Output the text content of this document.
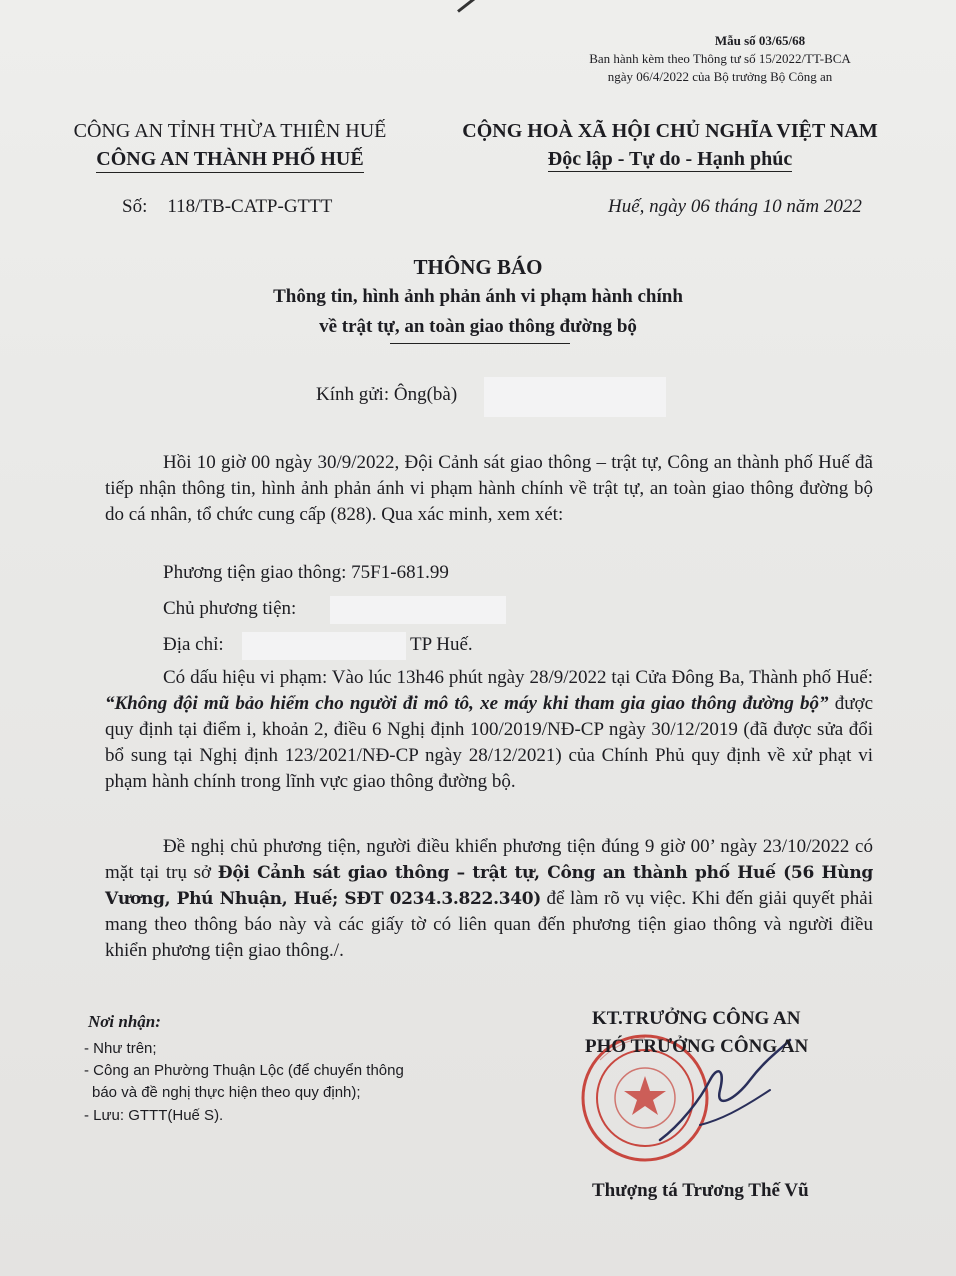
Mẫu số 03/65/68
Ban hành kèm theo Thông tư số 15/2022/TT-BCA
ngày 06/4/2022 của Bộ trưởng Bộ Công an
CÔNG AN TỈNH THỪA THIÊN HUẾ
CÔNG AN THÀNH PHỐ HUẾ
CỘNG HOÀ XÃ HỘI CHỦ NGHĨA VIỆT NAM
Độc lập - Tự do - Hạnh phúc
Số: 118/TB-CATP-GTTT	Huế, ngày 06 tháng 10 năm 2022
THÔNG BÁO
Thông tin, hình ảnh phản ánh vi phạm hành chính
về trật tự, an toàn giao thông đường bộ
Kính gửi: Ông(bà)
Hồi 10 giờ 00 ngày 30/9/2022, Đội Cảnh sát giao thông – trật tự, Công an thành phố Huế đã tiếp nhận thông tin, hình ảnh phản ánh vi phạm hành chính về trật tự, an toàn giao thông đường bộ do cá nhân, tổ chức cung cấp (828). Qua xác minh, xem xét:
Phương tiện giao thông: 75F1-681.99
Chủ phương tiện:
Địa chỉ:	TP Huế.
Có dấu hiệu vi phạm: Vào lúc 13h46 phút ngày 28/9/2022 tại Cửa Đông Ba, Thành phố Huế: “Không đội mũ bảo hiểm cho người đi mô tô, xe máy khi tham gia giao thông đường bộ” được quy định tại điểm i, khoản 2, điều 6 Nghị định 100/2019/NĐ-CP ngày 30/12/2019 (đã được sửa đổi bổ sung tại Nghị định 123/2021/NĐ-CP ngày 28/12/2021) của Chính Phủ quy định về xử phạt vi phạm hành chính trong lĩnh vực giao thông đường bộ.
Đề nghị chủ phương tiện, người điều khiển phương tiện đúng 9 giờ 00’ ngày 23/10/2022 có mặt tại trụ sở Đội Cảnh sát giao thông – trật tự, Công an thành phố Huế (56 Hùng Vương, Phú Nhuận, Huế; SĐT 0234.3.822.340) để làm rõ vụ việc. Khi đến giải quyết phải mang theo thông báo này và các giấy tờ có liên quan đến phương tiện giao thông và người điều khiển phương tiện giao thông./.
Nơi nhận:
- Như trên;
- Công an Phường Thuận Lộc (để chuyển thông
báo và đề nghị thực hiện theo quy định);
- Lưu: GTTT(Huế S).
KT.TRƯỞNG CÔNG AN
PHÓ TRƯỞNG CÔNG AN
Thượng tá Trương Thế Vũ
